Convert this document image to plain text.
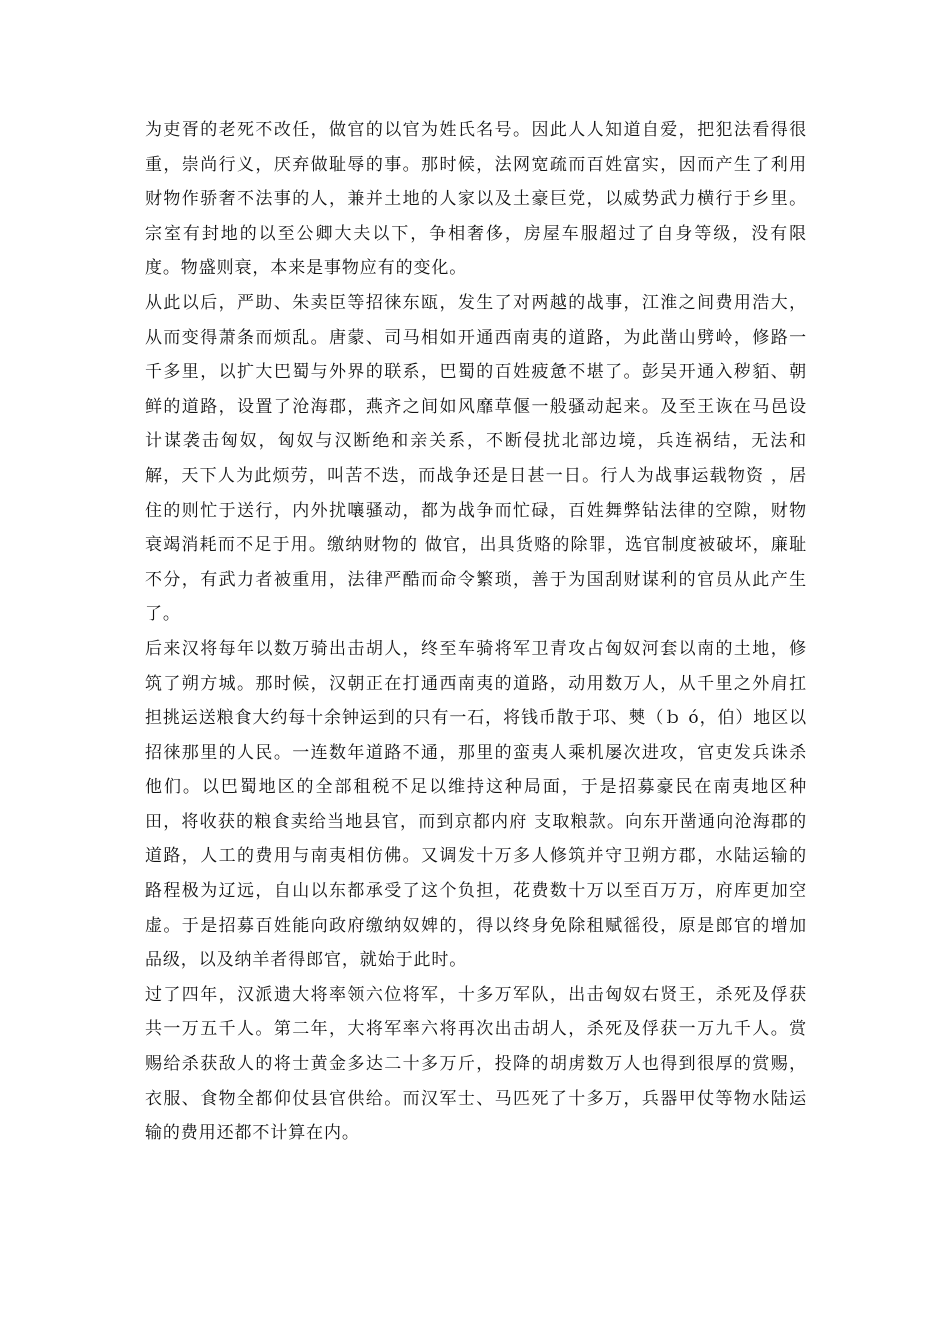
为吏胥的老死不改任，做官的以官为姓氏名号。因此人人知道自爱，把犯法看得很重，崇尚行义，厌弃做耻辱的事。那时候，法网宽疏而百姓富实，因而产生了利用财物作骄奢不法事的人，兼并土地的人家以及土豪巨党，以威势武力横行于乡里。宗室有封地的以至公卿大夫以下，争相奢侈，房屋车服超过了自身等级，没有限度。物盛则衰，本来是事物应有的变化。

从此以后，严助、朱卖臣等招徕东瓯，发生了对两越的战事，江淮之间费用浩大，从而变得萧条而烦乱。唐蒙、司马相如开通西南夷的道路，为此凿山劈岭，修路一千多里，以扩大巴蜀与外界的联系，巴蜀的百姓疲惫不堪了。彭吴开通入秽貊、朝鲜的道路，设置了沧海郡，燕齐之间如风靡草偃一般骚动起来。及至王诙在马邑设计谋袭击匈奴，匈奴与汉断绝和亲关系，不断侵扰北部边境，兵连祸结，无法和解，天下人为此烦劳，叫苦不迭，而战争还是日甚一日。行人为战事运载物资 ，居住的则忙于送行，内外扰嚷骚动，都为战争而忙碌，百姓舞弊钻法律的空隙，财物衰竭消耗而不足于用。缴纳财物的 做官，出具货赂的除罪，选官制度被破坏，廉耻不分，有武力者被重用，法律严酷而命令繁琐，善于为国刮财谋利的官员从此产生了。

后来汉将每年以数万骑出击胡人，终至车骑将军卫青攻占匈奴河套以南的土地，修筑了朔方城。那时候，汉朝正在打通西南夷的道路，动用数万人，从千里之外肩扛担挑运送粮食大约每十余钟运到的只有一石，将钱币散于邛、僰（ｂ ó，伯）地区以招徕那里的人民。一连数年道路不通，那里的蛮夷人乘机屡次进攻，官吏发兵诛杀他们。以巴蜀地区的全部租税不足以维持这种局面，于是招募豪民在南夷地区种田，将收获的粮食卖给当地县官，而到京都内府 支取粮款。向东开凿通向沧海郡的道路，人工的费用与南夷相仿佛。又调发十万多人修筑并守卫朔方郡，水陆运输的路程极为辽远，自山以东都承受了这个负担，花费数十万以至百万万，府库更加空虚。于是招募百姓能向政府缴纳奴婢的，得以终身免除租赋徭役，原是郎官的增加品级，以及纳羊者得郎官，就始于此时。

过了四年，汉派遗大将率领六位将军，十多万军队，出击匈奴右贤王，杀死及俘获共一万五千人。第二年，大将军率六将再次出击胡人，杀死及俘获一万九千人。赏赐给杀获敌人的将士黄金多达二十多万斤，投降的胡虏数万人也得到很厚的赏赐，衣服、食物全都仰仗县官供给。而汉军士、马匹死了十多万，兵器甲仗等物水陆运输的费用还都不计算在内。
